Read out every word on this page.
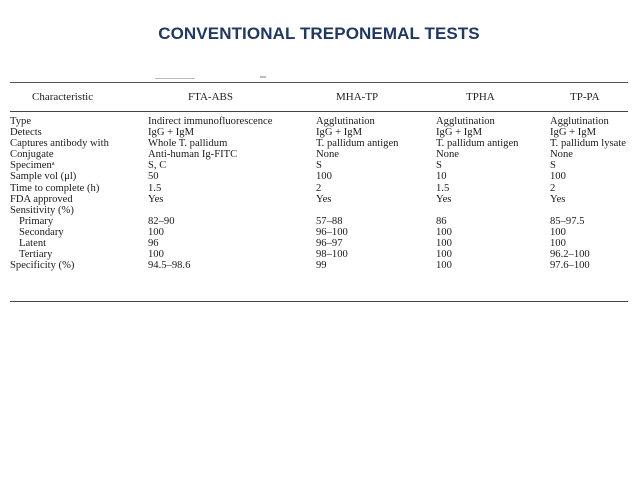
CONVENTIONAL TREPONEMAL TESTS
Characteristic	FTA-ABS	MHA-TP	TPHA	TP-PA
Type	Indirect immunofluorescence	Agglutination	Agglutination	Agglutination
Detects	IgG + IgM	IgG + IgM	IgG + IgM	IgG + IgM
Captures antibody with	Whole T. pallidum	T. pallidum antigen	T. pallidum antigen	T. pallidum lysate
Conjugate	Anti-human Ig-FITC	None	None	None
Specimenᵃ	S, C	S	S	S
Sample vol (μl)	50	100	10	100
Time to complete (h)	1.5	2	1.5	2
FDA approved	Yes	Yes	Yes	Yes
Sensitivity (%)				
Primary	82–90	57–88	86	85–97.5
Secondary	100	96–100	100	100
Latent	96	96–97	100	100
Tertiary	100	98–100	100	96.2–100
Specificity (%)	94.5–98.6	99	100	97.6–100
